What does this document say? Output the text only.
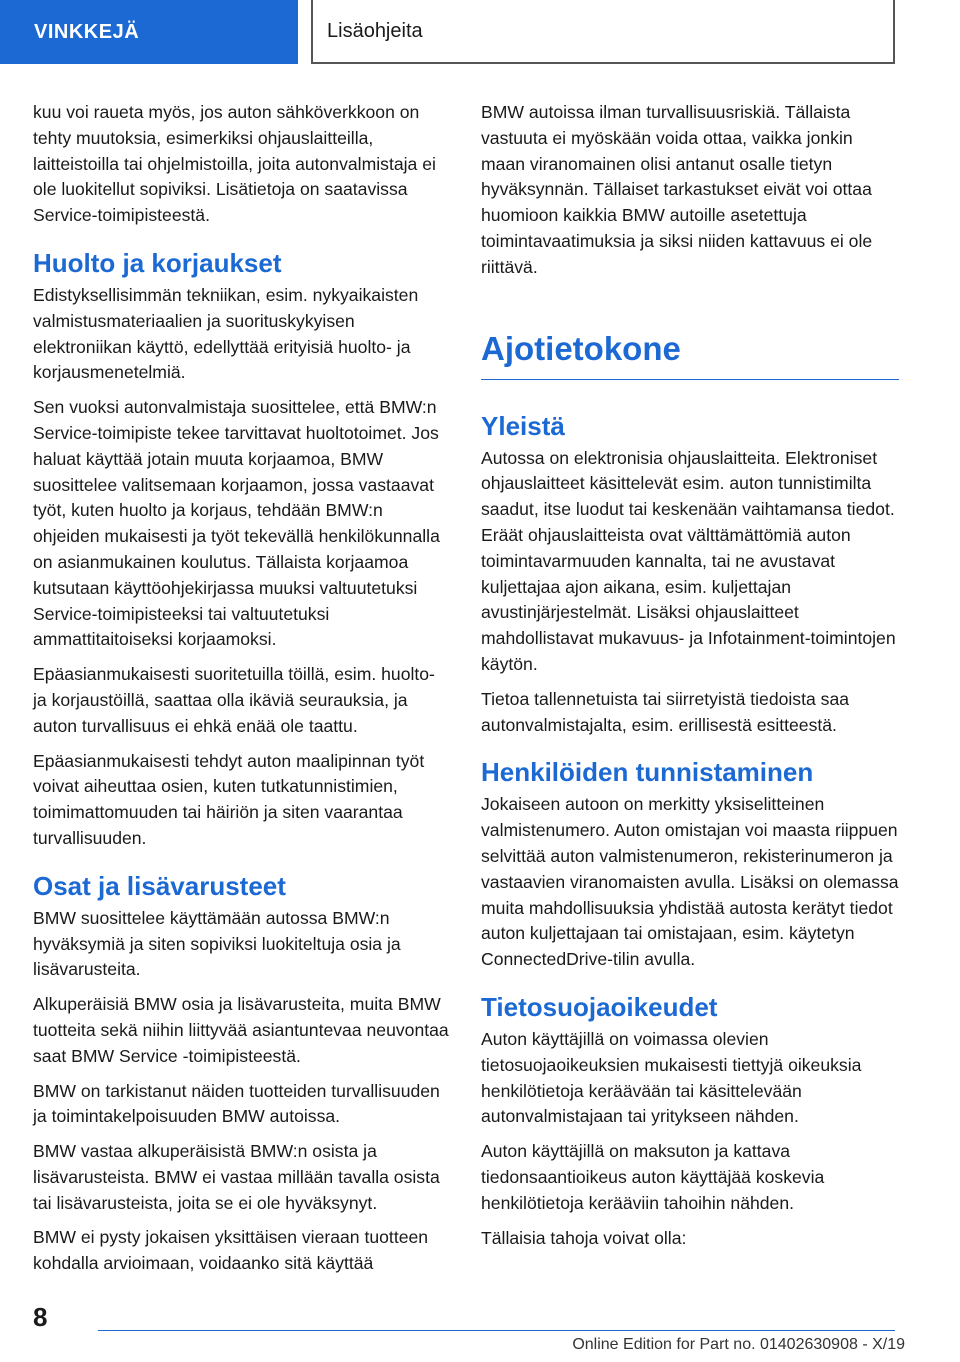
VINKKEJÄ	Lisäohjeita

kuu voi raueta myös, jos auton sähköverkkoon on tehty muutoksia, esimerkiksi ohjauslaitteilla, laitteistoilla tai ohjelmistoilla, joita autonvalmistaja ei ole luokitellut sopiviksi. Lisätietoja on saatavissa Service-toimipisteestä.

Huolto ja korjaukset

Edistyksellisimmän tekniikan, esim. nykyaikaisten valmistusmateriaalien ja suorituskykyisen elektroniikan käyttö, edellyttää erityisiä huolto- ja korjausmenetelmiä.

Sen vuoksi autonvalmistaja suosittelee, että BMW:n Service-toimipiste tekee tarvittavat huoltotoimet. Jos haluat käyttää jotain muuta korjaamoa, BMW suosittelee valitsemaan korjaamon, jossa vastaavat työt, kuten huolto ja korjaus, tehdään BMW:n ohjeiden mukaisesti ja työt tekevällä henkilökunnalla on asianmukainen koulutus. Tällaista korjaamoa kutsutaan käyttöohjekirjassa muuksi valtuutetuksi Service-toimipisteeksi tai valtuutetuksi ammattitaitoiseksi korjaamoksi.

Epäasianmukaisesti suoritetuilla töillä, esim. huolto- ja korjaustöillä, saattaa olla ikäviä seurauksia, ja auton turvallisuus ei ehkä enää ole taattu.

Epäasianmukaisesti tehdyt auton maalipinnan työt voivat aiheuttaa osien, kuten tutkatunnistimien, toimimattomuuden tai häiriön ja siten vaarantaa turvallisuuden.

Osat ja lisävarusteet

BMW suosittelee käyttämään autossa BMW:n hyväksymiä ja siten sopiviksi luokiteltuja osia ja lisävarusteita.

Alkuperäisiä BMW osia ja lisävarusteita, muita BMW tuotteita sekä niihin liittyvää asiantuntevaa neuvontaa saat BMW Service -toimipisteestä.

BMW on tarkistanut näiden tuotteiden turvallisuuden ja toimintakelpoisuuden BMW autoissa.

BMW vastaa alkuperäisistä BMW:n osista ja lisävarusteista. BMW ei vastaa millään tavalla osista tai lisävarusteista, joita se ei ole hyväksynyt.

BMW ei pysty jokaisen yksittäisen vieraan tuotteen kohdalla arvioimaan, voidaanko sitä käyttää

BMW autoissa ilman turvallisuusriskiä. Tällaista vastuuta ei myöskään voida ottaa, vaikka jonkin maan viranomainen olisi antanut osalle tietyn hyväksynnän. Tällaiset tarkastukset eivät voi ottaa huomioon kaikkia BMW autoille asetettuja toimintavaatimuksia ja siksi niiden kattavuus ei ole riittävä.

Ajotietokone
Yleistä

Autossa on elektronisia ohjauslaitteita. Elektroniset ohjauslaitteet käsittelevät esim. auton tunnistimilta saadut, itse luodut tai keskenään vaihtamansa tiedot. Eräät ohjauslaitteista ovat välttämättömiä auton toimintavarmuuden kannalta, tai ne avustavat kuljettajaa ajon aikana, esim. kuljettajan avustinjärjestelmät. Lisäksi ohjauslaitteet mahdollistavat mukavuus- ja Infotainment-toimintojen käytön.

Tietoa tallennetuista tai siirretyistä tiedoista saa autonvalmistajalta, esim. erillisestä esitteestä.

Henkilöiden tunnistaminen

Jokaiseen autoon on merkitty yksiselitteinen valmistenumero. Auton omistajan voi maasta riippuen selvittää auton valmistenumeron, rekisterinumeron ja vastaavien viranomaisten avulla. Lisäksi on olemassa muita mahdollisuuksia yhdistää autosta kerätyt tiedot auton kuljettajaan tai omistajaan, esim. käytetyn ConnectedDrive-tilin avulla.

Tietosuojaoikeudet

Auton käyttäjillä on voimassa olevien tietosuojaoikeuksien mukaisesti tiettyjä oikeuksia henkilötietoja keräävään tai käsittelevään autonvalmistajaan tai yritykseen nähden.

Auton käyttäjillä on maksuton ja kattava tiedonsaantioikeus auton käyttäjää koskevia henkilötietoja kerääviin tahoihin nähden.

Tällaisia tahoja voivat olla:

8
Online Edition for Part no. 01402630908 - X/19
